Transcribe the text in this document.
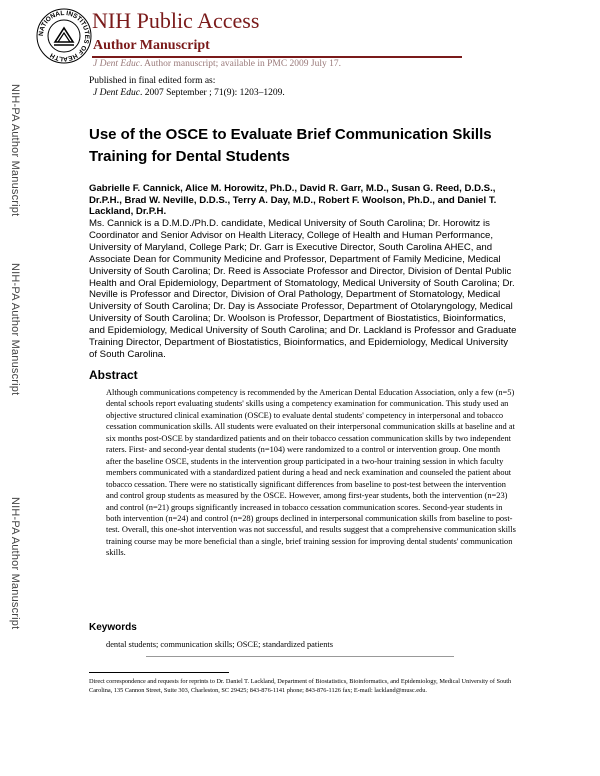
NATIONAL INSTITUTES OF HEALTH
NIH Public Access
Author Manuscript
J Dent Educ. Author manuscript; available in PMC 2009 July 17.
Published in final edited form as:
J Dent Educ. 2007 September ; 71(9): 1203–1209.
NIH-PA Author Manuscript
NIH-PA Author Manuscript
NIH-PA Author Manuscript
Use of the OSCE to Evaluate Brief Communication Skills Training for Dental Students
Gabrielle F. Cannick, Alice M. Horowitz, Ph.D., David R. Garr, M.D., Susan G. Reed, D.D.S., Dr.P.H., Brad W. Neville, D.D.S., Terry A. Day, M.D., Robert F. Woolson, Ph.D., and Daniel T. Lackland, Dr.P.H.
Ms. Cannick is a D.M.D./Ph.D. candidate, Medical University of South Carolina; Dr. Horowitz is Coordinator and Senior Advisor on Health Literacy, College of Health and Human Performance, University of Maryland, College Park; Dr. Garr is Executive Director, South Carolina AHEC, and Associate Dean for Community Medicine and Professor, Department of Family Medicine, Medical University of South Carolina; Dr. Reed is Associate Professor and Director, Division of Dental Public Health and Oral Epidemiology, Department of Stomatology, Medical University of South Carolina; Dr. Neville is Professor and Director, Division of Oral Pathology, Department of Stomatology, Medical University of South Carolina; Dr. Day is Associate Professor, Department of Otolaryngology, Medical University of South Carolina; Dr. Woolson is Professor, Department of Biostatistics, Bioinformatics, and Epidemiology, Medical University of South Carolina; and Dr. Lackland is Professor and Graduate Training Director, Department of Biostatistics, Bioinformatics, and Epidemiology, Medical University of South Carolina.
Abstract
Although communications competency is recommended by the American Dental Education Association, only a few (n=5) dental schools report evaluating students' skills using a competency examination for communication. This study used an objective structured clinical examination (OSCE) to evaluate dental students' competency in interpersonal and tobacco cessation communication skills. All students were evaluated on their interpersonal communication skills at baseline and at six months post-OSCE by standardized patients and on their tobacco cessation communication skills by two independent raters. First- and second-year dental students (n=104) were randomized to a control or intervention group. One month after the baseline OSCE, students in the intervention group participated in a two-hour training session in which faculty members communicated with a standardized patient during a head and neck examination and counseled the patient about tobacco cessation. There were no statistically significant differences from baseline to post-test between the intervention and control group students as measured by the OSCE. However, among first-year students, both the intervention (n=23) and control (n=21) groups significantly increased in tobacco cessation communication scores. Second-year students in both intervention (n=24) and control (n=28) groups declined in interpersonal communication skills from baseline to post-test. Overall, this one-shot intervention was not successful, and results suggest that a comprehensive communication skills training course may be more beneficial than a single, brief training session for improving dental students' communication skills.
Keywords
dental students; communication skills; OSCE; standardized patients
Direct correspondence and requests for reprints to Dr. Daniel T. Lackland, Department of Biostatistics, Bioinformatics, and Epidemiology, Medical University of South Carolina, 135 Cannon Street, Suite 303, Charleston, SC 29425; 843-876-1141 phone; 843-876-1126 fax; E-mail: lackland@musc.edu.
